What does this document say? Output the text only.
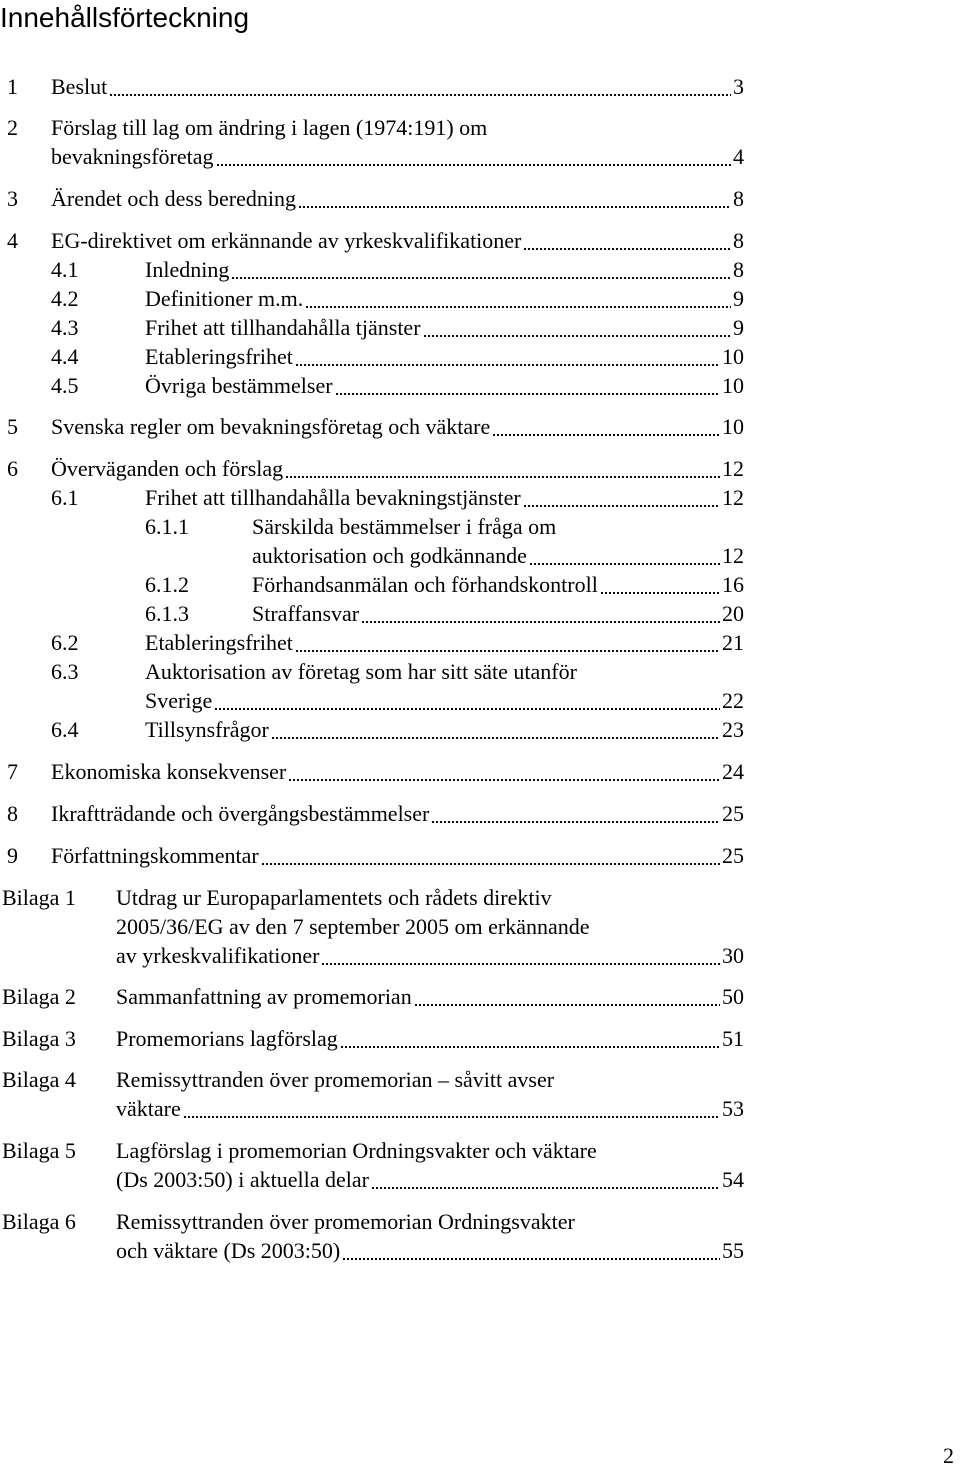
Innehållsförteckning
1 Beslut	3
2 Förslag till lag om ändring i lagen (1974:191) om
bevakningsföretag	4
3 Ärendet och dess beredning	8
4 EG-direktivet om erkännande av yrkeskvalifikationer	8
4.1	Inledning	8
4.2	Definitioner m.m.	9
4.3	Frihet att tillhandahålla tjänster	9
4.4	Etableringsfrihet	10
4.5	Övriga bestämmelser	10
5 Svenska regler om bevakningsföretag och väktare	10
6 Överväganden och förslag	12
6.1	Frihet att tillhandahålla bevakningstjänster	12
6.1.1	Särskilda bestämmelser i fråga om
auktorisation och godkännande	12
6.1.2	Förhandsanmälan och förhandskontroll	16
6.1.3	Straffansvar	20
6.2	Etableringsfrihet	21
6.3	Auktorisation av företag som har sitt säte utanför
Sverige	22
6.4	Tillsynsfrågor	23
7 Ekonomiska konsekvenser	24
8 Ikraftträdande och övergångsbestämmelser	25
9 Författningskommentar	25
Bilaga 1 Utdrag ur Europaparlamentets och rådets direktiv
2005/36/EG av den 7 september 2005 om erkännande
av yrkeskvalifikationer	30
Bilaga 2 Sammanfattning av promemorian	50
Bilaga 3 Promemorians lagförslag	51
Bilaga 4 Remissyttranden över promemorian – såvitt avser
väktare	53
Bilaga 5 Lagförslag i promemorian Ordningsvakter och väktare
(Ds 2003:50) i aktuella delar	54
Bilaga 6 Remissyttranden över promemorian Ordningsvakter
och väktare (Ds 2003:50)	55
2
